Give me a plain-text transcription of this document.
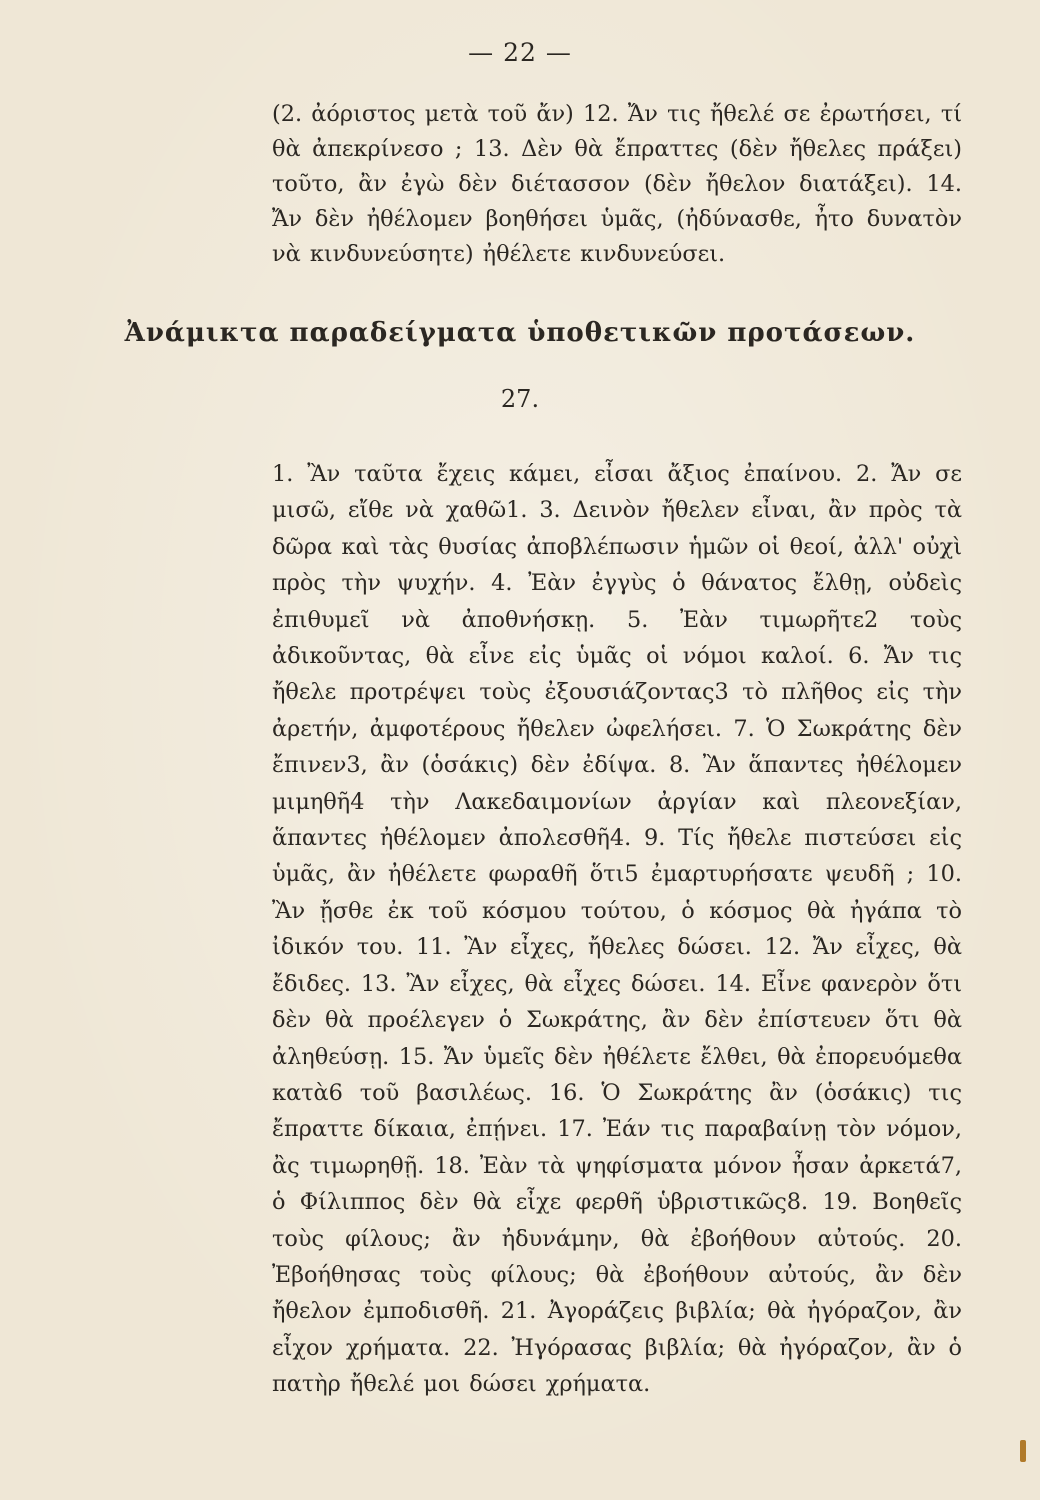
— 22 —
(2. ἀόριστος μετὰ τοῦ ἄν) 12. Ἄν τις ἤθελέ σε ἐρωτήσει, τί θὰ ἀπεκρίνεσο ; 13. Δὲν θὰ ἔπραττες (δὲν ἤθελες πράξει) τοῦτο, ἂν ἐγὼ δὲν διέτασσον (δὲν ἤθελον διατάξει). 14. Ἄν δὲν ἠθέλομεν βοηθήσει ὑμᾶς, (ἠδύνασθε, ἦτο δυνατὸν νὰ κινδυνεύσητε) ἠθέλετε κινδυνεύσει.
Ἀνάμικτα παραδείγματα ὑποθετικῶν προτάσεων.
27.
1. Ἂν ταῦτα ἔχεις κάμει, εἶσαι ἄξιος ἐπαίνου. 2. Ἄν σε μισῶ, εἴθε νὰ χαθῶ1. 3. Δεινὸν ἤθελεν εἶναι, ἂν πρὸς τὰ δῶρα καὶ τὰς θυσίας ἀποβλέπωσιν ἡμῶν οἱ θεοί, ἀλλ' οὐχὶ πρὸς τὴν ψυχήν. 4. Ἐὰν ἐγγὺς ὁ θάνατος ἔλθῃ, οὐδεὶς ἐπιθυμεῖ νὰ ἀποθνήσκῃ. 5. Ἐὰν τιμωρῆτε2 τοὺς ἀδικοῦντας, θὰ εἶνε εἰς ὑμᾶς οἱ νόμοι καλοί. 6. Ἄν τις ἤθελε προτρέψει τοὺς ἐξουσιάζοντας3 τὸ πλῆθος εἰς τὴν ἀρετήν, ἀμφοτέρους ἤθελεν ὠφελήσει. 7. Ὁ Σωκράτης δὲν ἔπινεν3, ἂν (ὁσάκις) δὲν ἐδίψα. 8. Ἂν ἅπαντες ἠθέλομεν μιμηθῆ4 τὴν Λακεδαιμονίων ἀργίαν καὶ πλεονεξίαν, ἅπαντες ἠθέλομεν ἀπολεσθῆ4. 9. Τίς ἤθελε πιστεύσει εἰς ὑμᾶς, ἂν ἠθέλετε φωραθῆ ὅτι5 ἐμαρτυρήσατε ψευδῆ ; 10. Ἂν ᾔσθε ἐκ τοῦ κόσμου τούτου, ὁ κόσμος θὰ ἠγάπα τὸ ἰδικόν του. 11. Ἂν εἶχες, ἤθελες δώσει. 12. Ἄν εἶχες, θὰ ἔδιδες. 13. Ἂν εἶχες, θὰ εἶχες δώσει. 14. Εἶνε φανερὸν ὅτι δὲν θὰ προέλεγεν ὁ Σωκράτης, ἂν δὲν ἐπίστευεν ὅτι θὰ ἀληθεύσῃ. 15. Ἄν ὑμεῖς δὲν ἠθέλετε ἔλθει, θὰ ἐπορευόμεθα κατὰ6 τοῦ βασιλέως. 16. Ὁ Σωκράτης ἂν (ὁσάκις) τις ἔπραττε δίκαια, ἐπῄνει. 17. Ἐάν τις παραβαίνῃ τὸν νόμον, ἂς τιμωρηθῇ. 18. Ἐὰν τὰ ψηφίσματα μόνον ἦσαν ἀρκετά7, ὁ Φίλιππος δὲν θὰ εἶχε φερθῆ ὑβριστικῶς8. 19. Βοηθεῖς τοὺς φίλους; ἂν ἠδυνάμην, θὰ ἐβοήθουν αὐτούς. 20. Ἐβοήθησας τοὺς φίλους; θὰ ἐβοήθουν αὐτούς, ἂν δὲν ἤθελον ἐμποδισθῆ. 21. Ἀγοράζεις βιβλία; θὰ ἠγόραζον, ἂν εἶχον χρήματα. 22. Ἠγόρασας βιβλία; θὰ ἠγόραζον, ἂν ὁ πατὴρ ἤθελέ μοι δώσει χρήματα.
